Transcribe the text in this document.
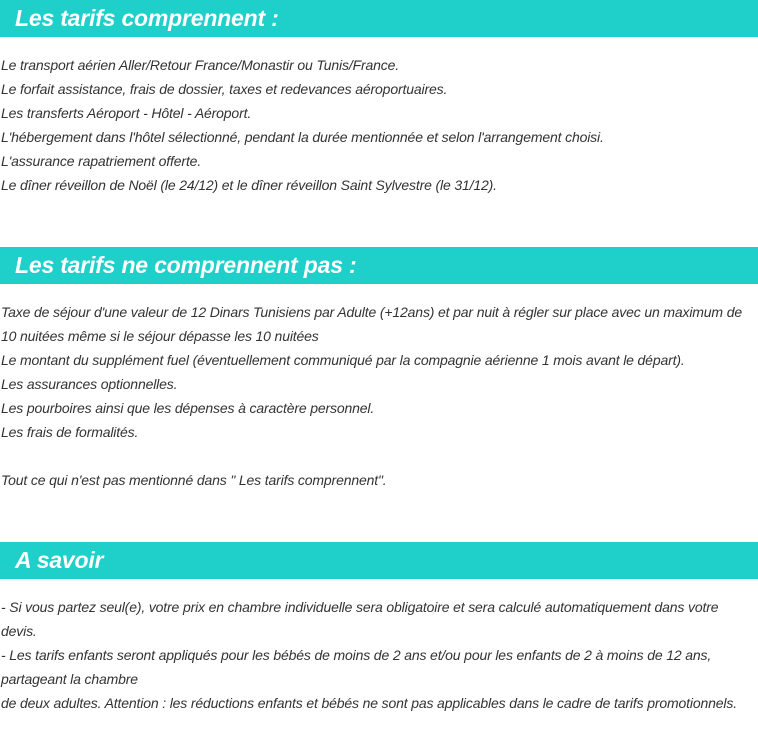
Les tarifs comprennent :
Le transport aérien Aller/Retour France/Monastir ou Tunis/France.
Le forfait assistance, frais de dossier, taxes et redevances aéroportuaires.
Les transferts Aéroport - Hôtel - Aéroport.
L'hébergement dans l'hôtel sélectionné, pendant la durée mentionnée et selon l'arrangement choisi.
L'assurance rapatriement offerte.
Le dîner réveillon de Noël (le 24/12) et le dîner réveillon Saint Sylvestre (le 31/12).
Les tarifs ne comprennent pas :
Taxe de séjour d'une valeur de 12 Dinars Tunisiens par Adulte (+12ans) et par nuit à régler sur place avec un maximum de 10 nuitées même si le séjour dépasse les 10 nuitées
Le montant du supplément fuel (éventuellement communiqué par la compagnie aérienne 1 mois avant le départ).
Les assurances optionnelles.
Les pourboires ainsi que les dépenses à caractère personnel.
Les frais de formalités.
Tout ce qui n'est pas mentionné dans " Les tarifs comprennent".
A savoir
- Si vous partez seul(e), votre prix en chambre individuelle sera obligatoire et sera calculé automatiquement dans votre devis.
- Les tarifs enfants seront appliqués pour les bébés de moins de 2 ans et/ou pour les enfants de 2 à moins de 12 ans, partageant la chambre
de deux adultes. Attention : les réductions enfants et bébés ne sont pas applicables dans le cadre de tarifs promotionnels.
